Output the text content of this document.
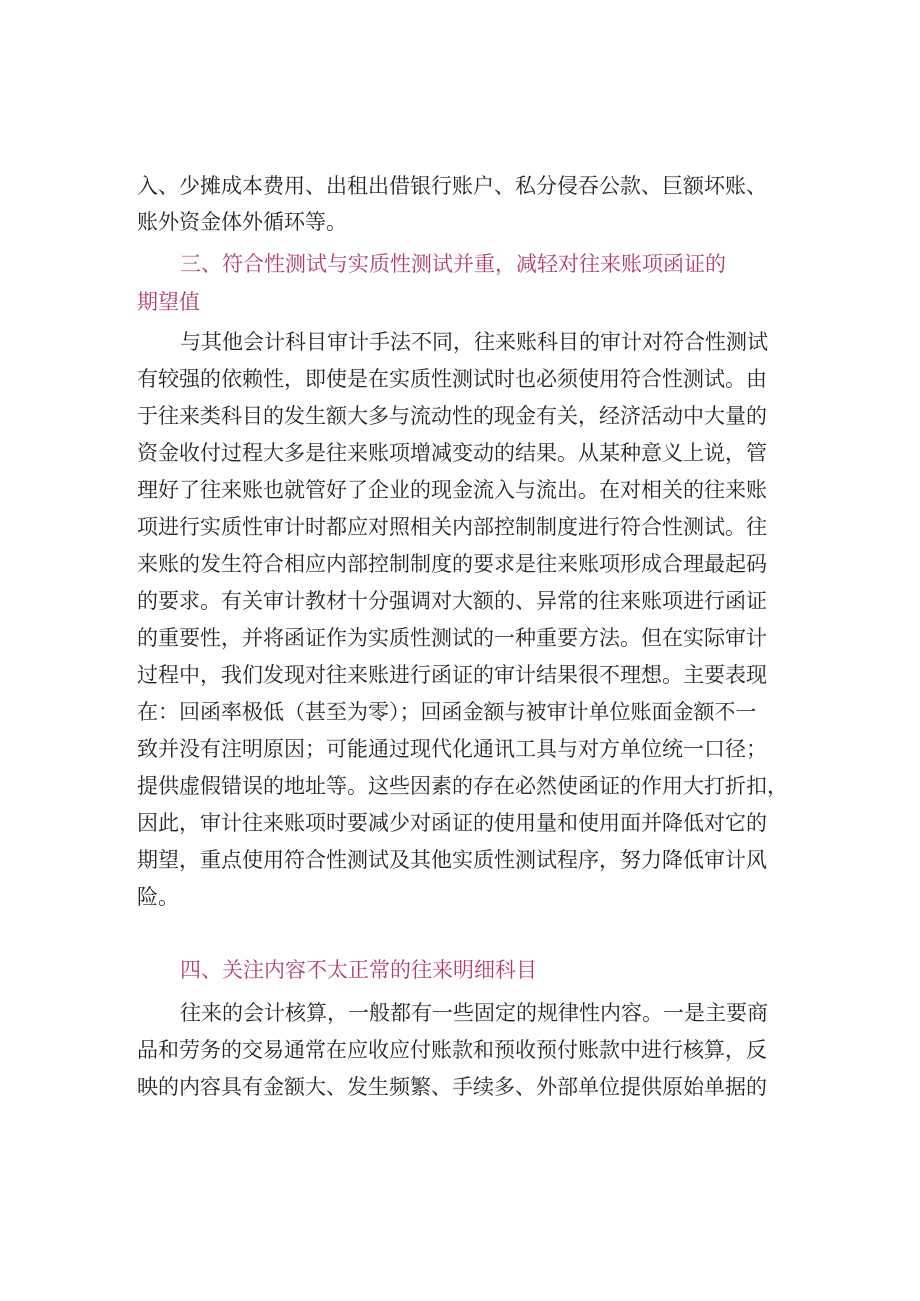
入、少摊成本费用、出租出借银行账户、私分侵吞公款、巨额坏账、
账外资金体外循环等。
三、符合性测试与实质性测试并重，减轻对往来账项函证的
期望值
与其他会计科目审计手法不同，往来账科目的审计对符合性测试
有较强的依赖性，即使是在实质性测试时也必须使用符合性测试。由
于往来类科目的发生额大多与流动性的现金有关，经济活动中大量的
资金收付过程大多是往来账项增减变动的结果。从某种意义上说，管
理好了往来账也就管好了企业的现金流入与流出。在对相关的往来账
项进行实质性审计时都应对照相关内部控制制度进行符合性测试。往
来账的发生符合相应内部控制制度的要求是往来账项形成合理最起码
的要求。有关审计教材十分强调对大额的、异常的往来账项进行函证
的重要性，并将函证作为实质性测试的一种重要方法。但在实际审计
过程中，我们发现对往来账进行函证的审计结果很不理想。主要表现
在：回函率极低（甚至为零）；回函金额与被审计单位账面金额不一
致并没有注明原因；可能通过现代化通讯工具与对方单位统一口径；
提供虚假错误的地址等。这些因素的存在必然使函证的作用大打折扣，
因此，审计往来账项时要减少对函证的使用量和使用面并降低对它的
期望，重点使用符合性测试及其他实质性测试程序，努力降低审计风
险。
四、关注内容不太正常的往来明细科目
往来的会计核算，一般都有一些固定的规律性内容。一是主要商
品和劳务的交易通常在应收应付账款和预收预付账款中进行核算，反
映的内容具有金额大、发生频繁、手续多、外部单位提供原始单据的
